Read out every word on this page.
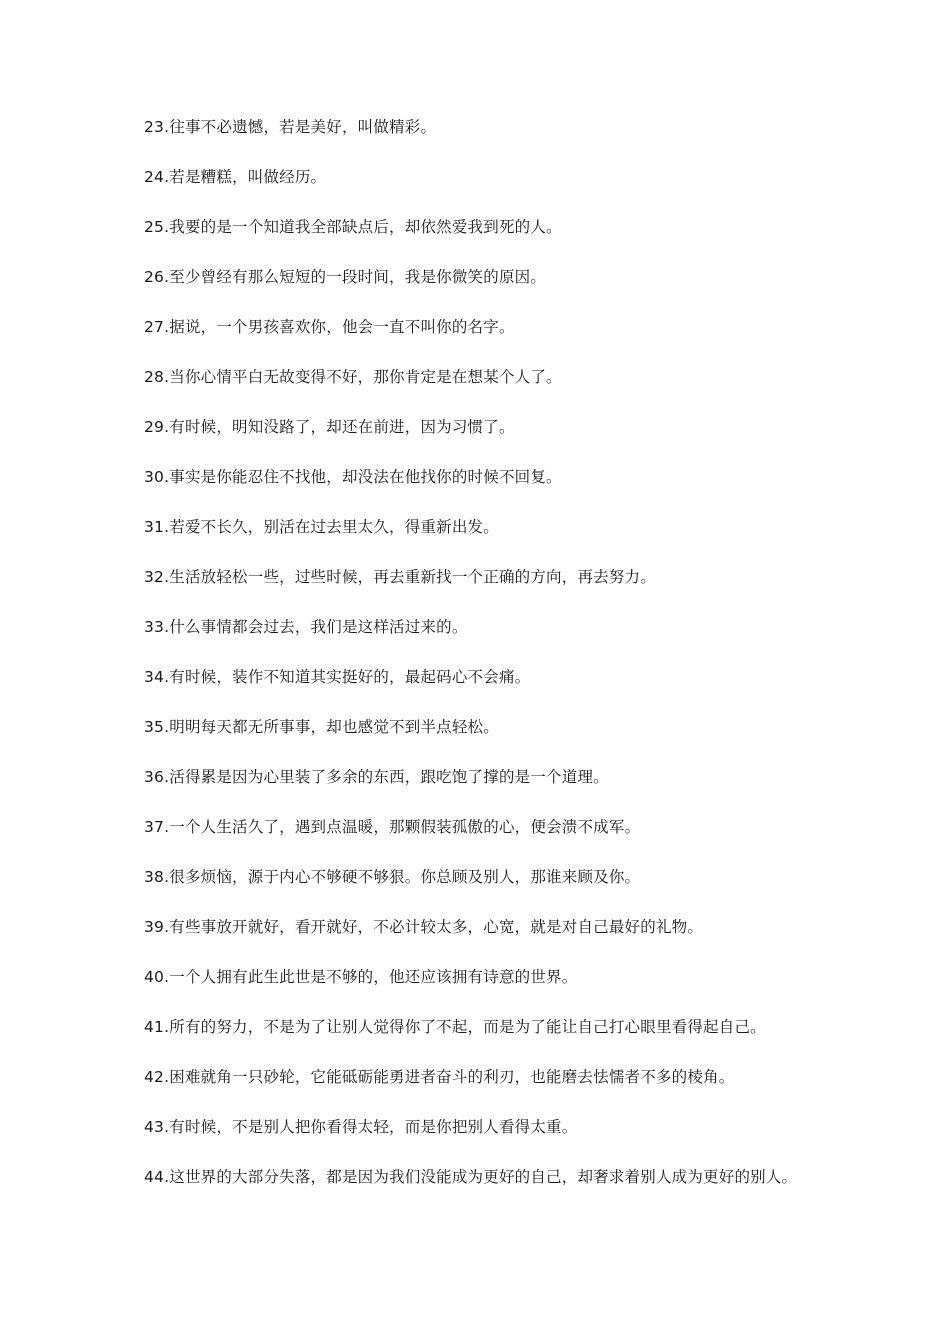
23.往事不必遗憾，若是美好，叫做精彩。
24.若是糟糕，叫做经历。
25.我要的是一个知道我全部缺点后，却依然爱我到死的人。
26.至少曾经有那么短短的一段时间，我是你微笑的原因。
27.据说，一个男孩喜欢你，他会一直不叫你的名字。
28.当你心情平白无故变得不好，那你肯定是在想某个人了。
29.有时候，明知没路了，却还在前进，因为习惯了。
30.事实是你能忍住不找他，却没法在他找你的时候不回复。
31.若爱不长久，别活在过去里太久，得重新出发。
32.生活放轻松一些，过些时候，再去重新找一个正确的方向，再去努力。
33.什么事情都会过去，我们是这样活过来的。
34.有时候，装作不知道其实挺好的，最起码心不会痛。
35.明明每天都无所事事，却也感觉不到半点轻松。
36.活得累是因为心里装了多余的东西，跟吃饱了撑的是一个道理。
37.一个人生活久了，遇到点温暖，那颗假装孤傲的心，便会溃不成军。
38.很多烦恼，源于内心不够硬不够狠。你总顾及别人，那谁来顾及你。
39.有些事放开就好，看开就好，不必计较太多，心宽，就是对自己最好的礼物。
40.一个人拥有此生此世是不够的，他还应该拥有诗意的世界。
41.所有的努力，不是为了让别人觉得你了不起，而是为了能让自己打心眼里看得起自己。
42.困难就角一只砂轮，它能砥砺能勇进者奋斗的利刃，也能磨去怯懦者不多的棱角。
43.有时候，不是别人把你看得太轻，而是你把别人看得太重。
44.这世界的大部分失落，都是因为我们没能成为更好的自己，却奢求着别人成为更好的别人。
